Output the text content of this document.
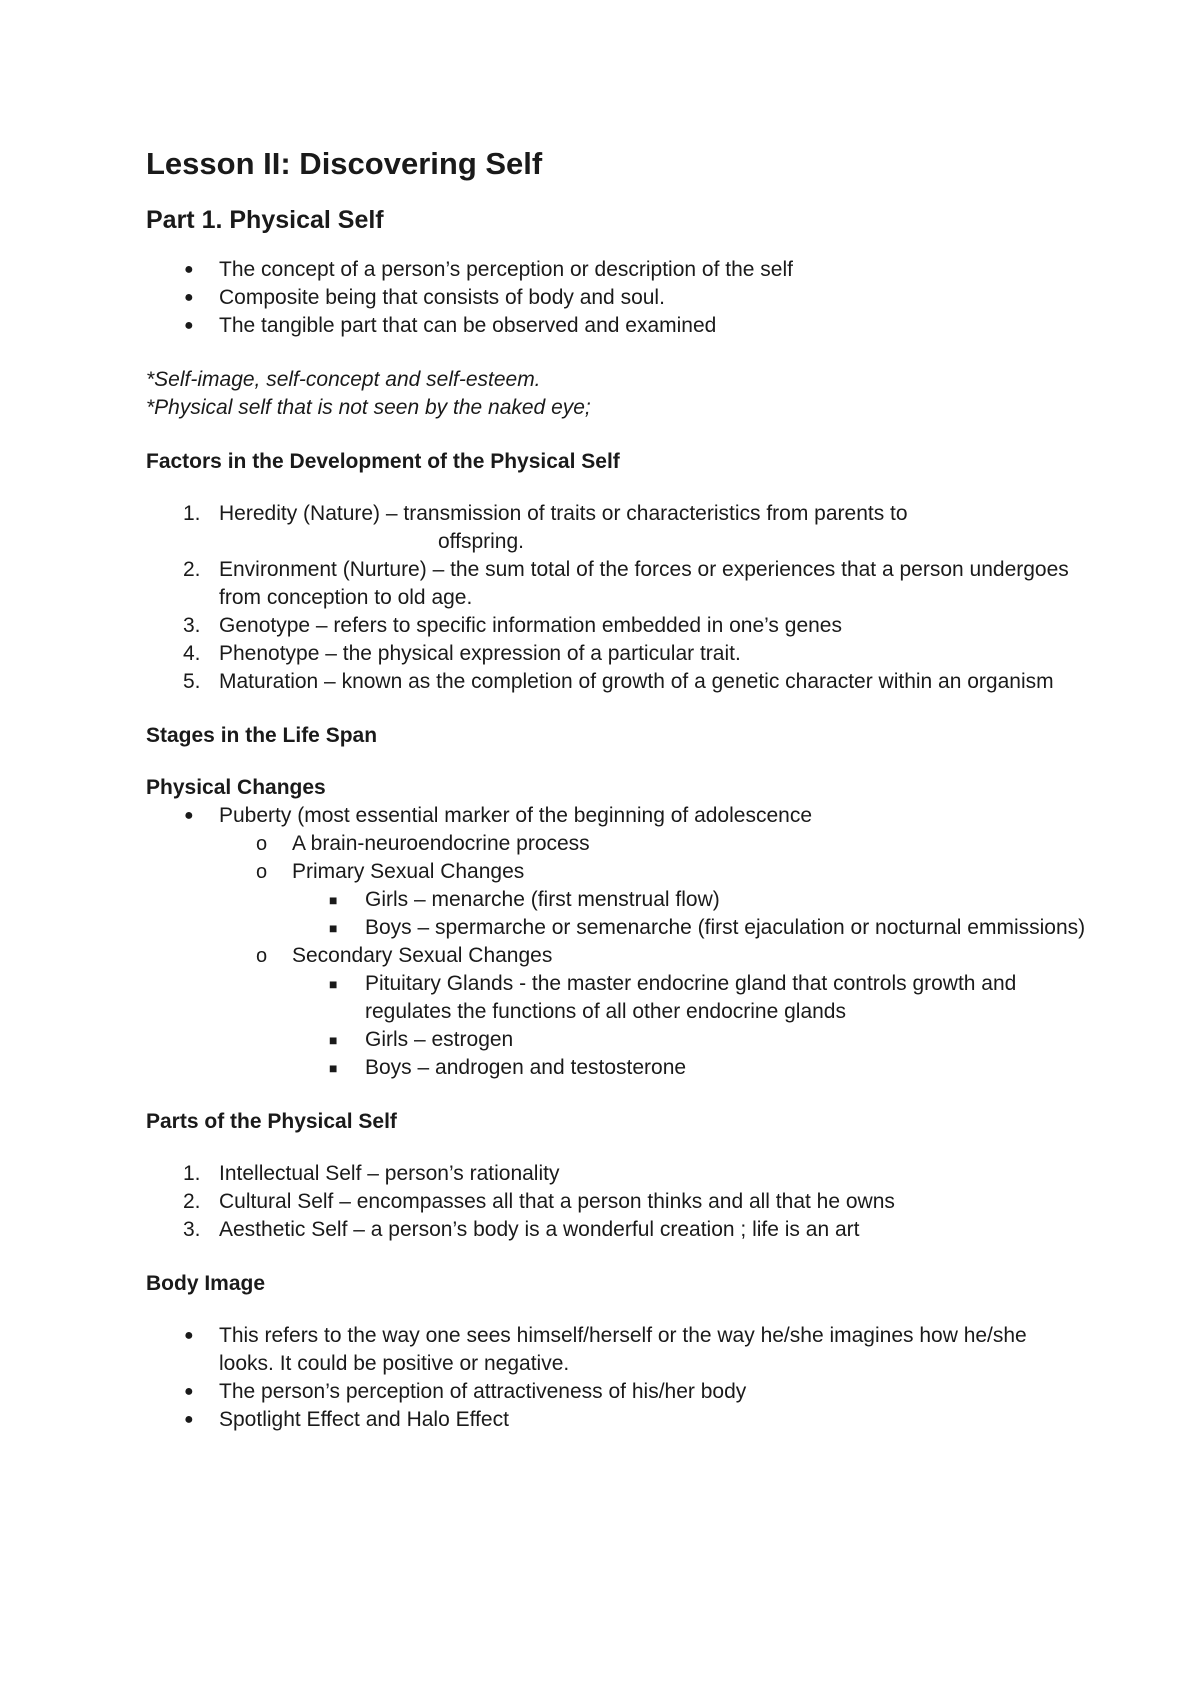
Lesson II: Discovering Self
Part 1. Physical Self
● The concept of a person’s perception or description of the self
● Composite being that consists of body and soul.
● The tangible part that can be observed and examined
*Self-image, self-concept and self-esteem.
*Physical self that is not seen by the naked eye;
Factors in the Development of the Physical Self
1. Heredity (Nature) – transmission of traits or characteristics from parents to
offspring.
2. Environment (Nurture) – the sum total of the forces or experiences that a person undergoes from conception to old age.
3. Genotype – refers to specific information embedded in one’s genes
4. Phenotype – the physical expression of a particular trait.
5. Maturation – known as the completion of growth of a genetic character within an organism
Stages in the Life Span
Physical Changes
● Puberty (most essential marker of the beginning of adolescence
o A brain-neuroendocrine process
o Primary Sexual Changes
■ Girls – menarche (first menstrual flow)
■ Boys – spermarche or semenarche (first ejaculation or nocturnal emmissions)
o Secondary Sexual Changes
■ Pituitary Glands - the master endocrine gland that controls growth and regulates the functions of all other endocrine glands
■ Girls – estrogen
■ Boys – androgen and testosterone
Parts of the Physical Self
1. Intellectual Self – person’s rationality
2. Cultural Self – encompasses all that a person thinks and all that he owns
3. Aesthetic Self – a person’s body is a wonderful creation ; life is an art
Body Image
● This refers to the way one sees himself/herself or the way he/she imagines how he/she looks. It could be positive or negative.
● The person’s perception of attractiveness of his/her body
● Spotlight Effect and Halo Effect
